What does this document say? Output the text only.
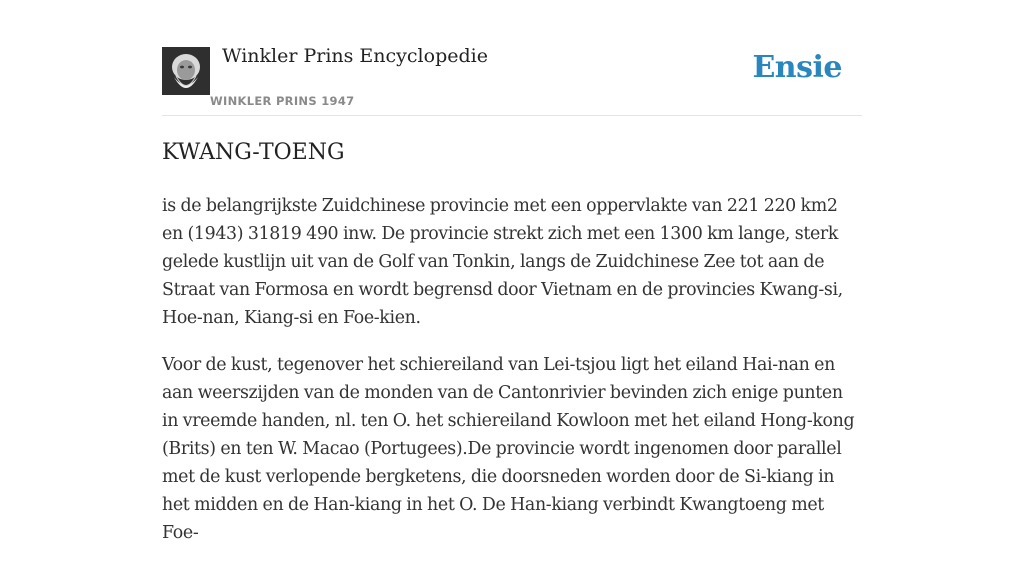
Winkler Prins Encyclopedie
WINKLER PRINS 1947
Ensie
KWANG-TOENG

is de belangrijkste Zuidchinese provincie met een oppervlakte van 221 220 km2 en (1943) 31819 490 inw. De provincie strekt zich met een 1300 km lange, sterk gelede kustlijn uit van de Golf van Tonkin, langs de Zuidchinese Zee tot aan de Straat van Formosa en wordt begrensd door Vietnam en de provincies Kwang-si, Hoe-nan, Kiang-si en Foe-kien.

Voor de kust, tegenover het schiereiland van Lei-tsjou ligt het eiland Hai-nan en aan weerszijden van de monden van de Cantonrivier bevinden zich enige punten in vreemde handen, nl. ten O. het schiereiland Kowloon met het eiland Hong-kong (Brits) en ten W. Macao (Portugees).De provincie wordt ingenomen door parallel met de kust verlopende bergketens, die doorsneden worden door de Si-kiang in het midden en de Han-kiang in het O. De Han-kiang verbindt Kwangtoeng met Foe-
